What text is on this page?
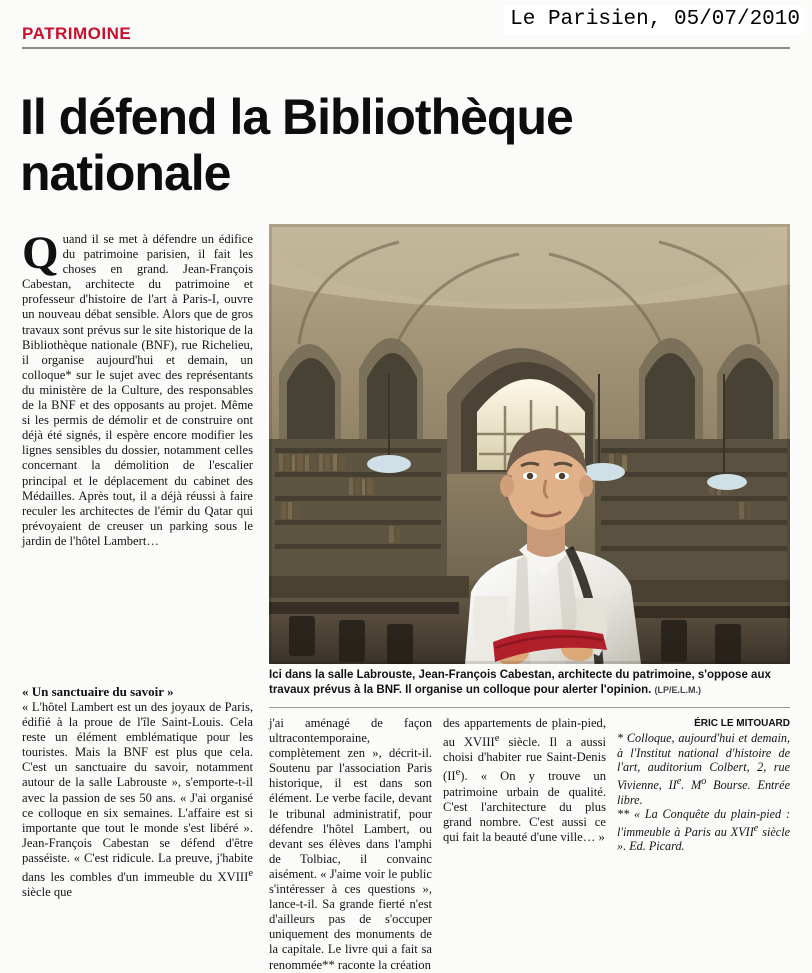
Le Parisien, 05/07/2010
PATRIMOINE
Il défend la Bibliothèque
nationale
Ici dans la salle Labrouste, Jean-François Cabestan, architecte du patrimoine, s'oppose aux travaux prévus à la BNF. Il organise un colloque pour alerter l'opinion. (LP/E.L.M.)

Quand il se met à défendre un édifice du patrimoine parisien, il fait les choses en grand. Jean-François Cabestan, architecte du patrimoine et professeur d'histoire de l'art à Paris-I, ouvre un nouveau débat sensible. Alors que de gros travaux sont prévus sur le site historique de la Bibliothèque nationale (BNF), rue Richelieu, il organise aujourd'hui et demain, un colloque* sur le sujet avec des représentants du ministère de la Culture, des responsables de la BNF et des opposants au projet. Même si les permis de démolir et de construire ont déjà été signés, il espère encore modifier les lignes sensibles du dossier, notamment celles concernant la démolition de l'escalier principal et le déplacement du cabinet des Médailles. Après tout, il a déjà réussi à faire reculer les architectes de l'émir du Qatar qui prévoyaient de creuser un parking sous le jardin de l'hôtel Lambert…

« Un sanctuaire du savoir »

« L'hôtel Lambert est un des joyaux de Paris, édifié à la proue de l'île Saint-Louis. Cela reste un élément emblématique pour les touristes. Mais la BNF est plus que cela. C'est un sanctuaire du savoir, notamment autour de la salle Labrouste », s'emporte-t-il avec la passion de ses 50 ans. « J'ai organisé ce colloque en six semaines. L'affaire est si importante que tout le monde s'est libéré ». Jean-François Cabestan se défend d'être passéiste. « C'est ridicule. La preuve, j'habite dans les combles d'un immeuble du XVIIIe siècle que

j'ai aménagé de façon ultracontemporaine, complètement zen », décrit-il. Soutenu par l'association Paris historique, il est dans son élément. Le verbe facile, devant le tribunal administratif, pour défendre l'hôtel Lambert, ou devant ses élèves dans l'amphi de Tolbiac, il convainc aisément. « J'aime voir le public s'intéresser à ces questions », lance-t-il. Sa grande fierté n'est d'ailleurs pas de s'occuper uniquement des monuments de la capitale. Le livre qui a fait sa renommée** raconte la création

des appartements de plain-pied, au XVIIIe siècle. Il a aussi choisi d'habiter rue Saint-Denis (IIe). « On y trouve un patrimoine urbain de qualité. C'est l'architecture du plus grand nombre. C'est aussi ce qui fait la beauté d'une ville… »

ÉRIC LE MITOUARD

* Colloque, aujourd'hui et demain, à l'Institut national d'histoire de l'art, auditorium Colbert, 2, rue Vivienne, IIe. $M^o$ Bourse. Entrée libre.

** « La Conquête du plain-pied : l'immeuble à Paris au XVIIe siècle ». Ed. Picard.
